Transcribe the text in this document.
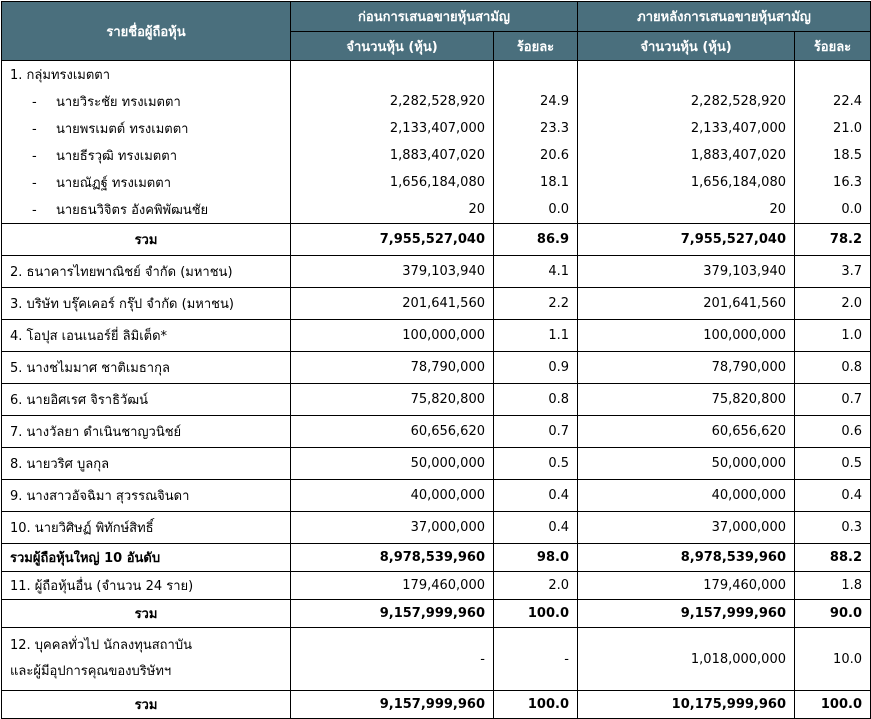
รายชื่อผู้ถือหุ้น	ก่อนการเสนอขายหุ้นสามัญ		ภายหลังการเสนอขายหุ้นสามัญ	
	จำนวนหุ้น (หุ้น)	ร้อยละ	จำนวนหุ้น (หุ้น)	ร้อยละ
1. กลุ่มทรงเมตตา				
- นายวิระชัย ทรงเมตตา	2,282,528,920	24.9	2,282,528,920	22.4
- นายพรเมตต์ ทรงเมตตา	2,133,407,000	23.3	2,133,407,000	21.0
- นายธีรวุฒิ ทรงเมตตา	1,883,407,020	20.6	1,883,407,020	18.5
- นายณัฏฐ์ ทรงเมตตา	1,656,184,080	18.1	1,656,184,080	16.3
- นายธนวิจิตร อังคพิพัฒนชัย	20	0.0	20	0.0
รวม	7,955,527,040	86.9	7,955,527,040	78.2
2. ธนาคารไทยพาณิชย์ จำกัด (มหาชน)	379,103,940	4.1	379,103,940	3.7
3. บริษัท บรุ๊คเคอร์ กรุ๊ป จำกัด (มหาชน)	201,641,560	2.2	201,641,560	2.0
4. โอปุส เอนเนอร์ยี่ ลิมิเต็ด*	100,000,000	1.1	100,000,000	1.0
5. นางชไมมาศ ชาติเมธากุล	78,790,000	0.9	78,790,000	0.8
6. นายอิศเรศ จิราธิวัฒน์	75,820,800	0.8	75,820,800	0.7
7. นางวัลยา ดำเนินชาญวนิชย์	60,656,620	0.7	60,656,620	0.6
8. นายวริศ บูลกุล	50,000,000	0.5	50,000,000	0.5
9. นางสาวอัจฉิมา สุวรรณจินดา	40,000,000	0.4	40,000,000	0.4
10. นายวิศิษฏ์ พิทักษ์สิทธิ์	37,000,000	0.4	37,000,000	0.3
รวมผู้ถือหุ้นใหญ่ 10 อันดับ	8,978,539,960	98.0	8,978,539,960	88.2
11. ผู้ถือหุ้นอื่น (จำนวน 24 ราย)	179,460,000	2.0	179,460,000	1.8
รวม	9,157,999,960	100.0	9,157,999,960	90.0

12. บุคคลทั่วไป นักลงทุนสถาบัน
และผู้มีอุปการคุณของบริษัทฯ	-	-	1,018,000,000	10.0
รวม	9,157,999,960	100.0	10,175,999,960	100.0
